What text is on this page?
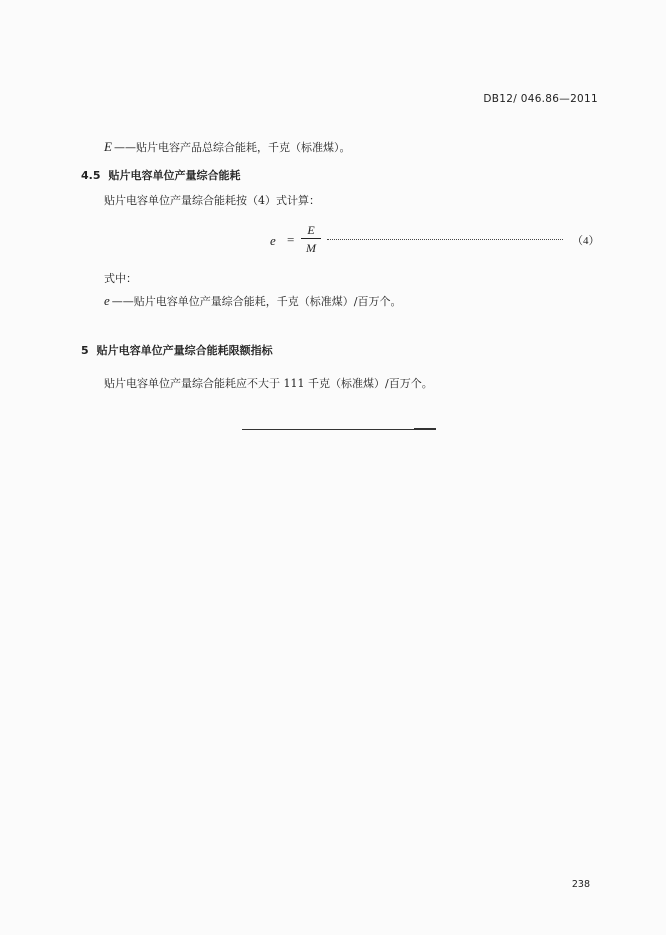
DB12/ 046.86—2011
E ——贴片电容产品总综合能耗，千克（标准煤）。
4.5 贴片电容单位产量综合能耗
贴片电容单位产量综合能耗按（4）式计算：
e =
E
M	（4）
式中：
e ——贴片电容单位产量综合能耗，千克（标准煤）/百万个。
5 贴片电容单位产量综合能耗限额指标
贴片电容单位产量综合能耗应不大于 111 千克（标准煤）/百万个。
238
